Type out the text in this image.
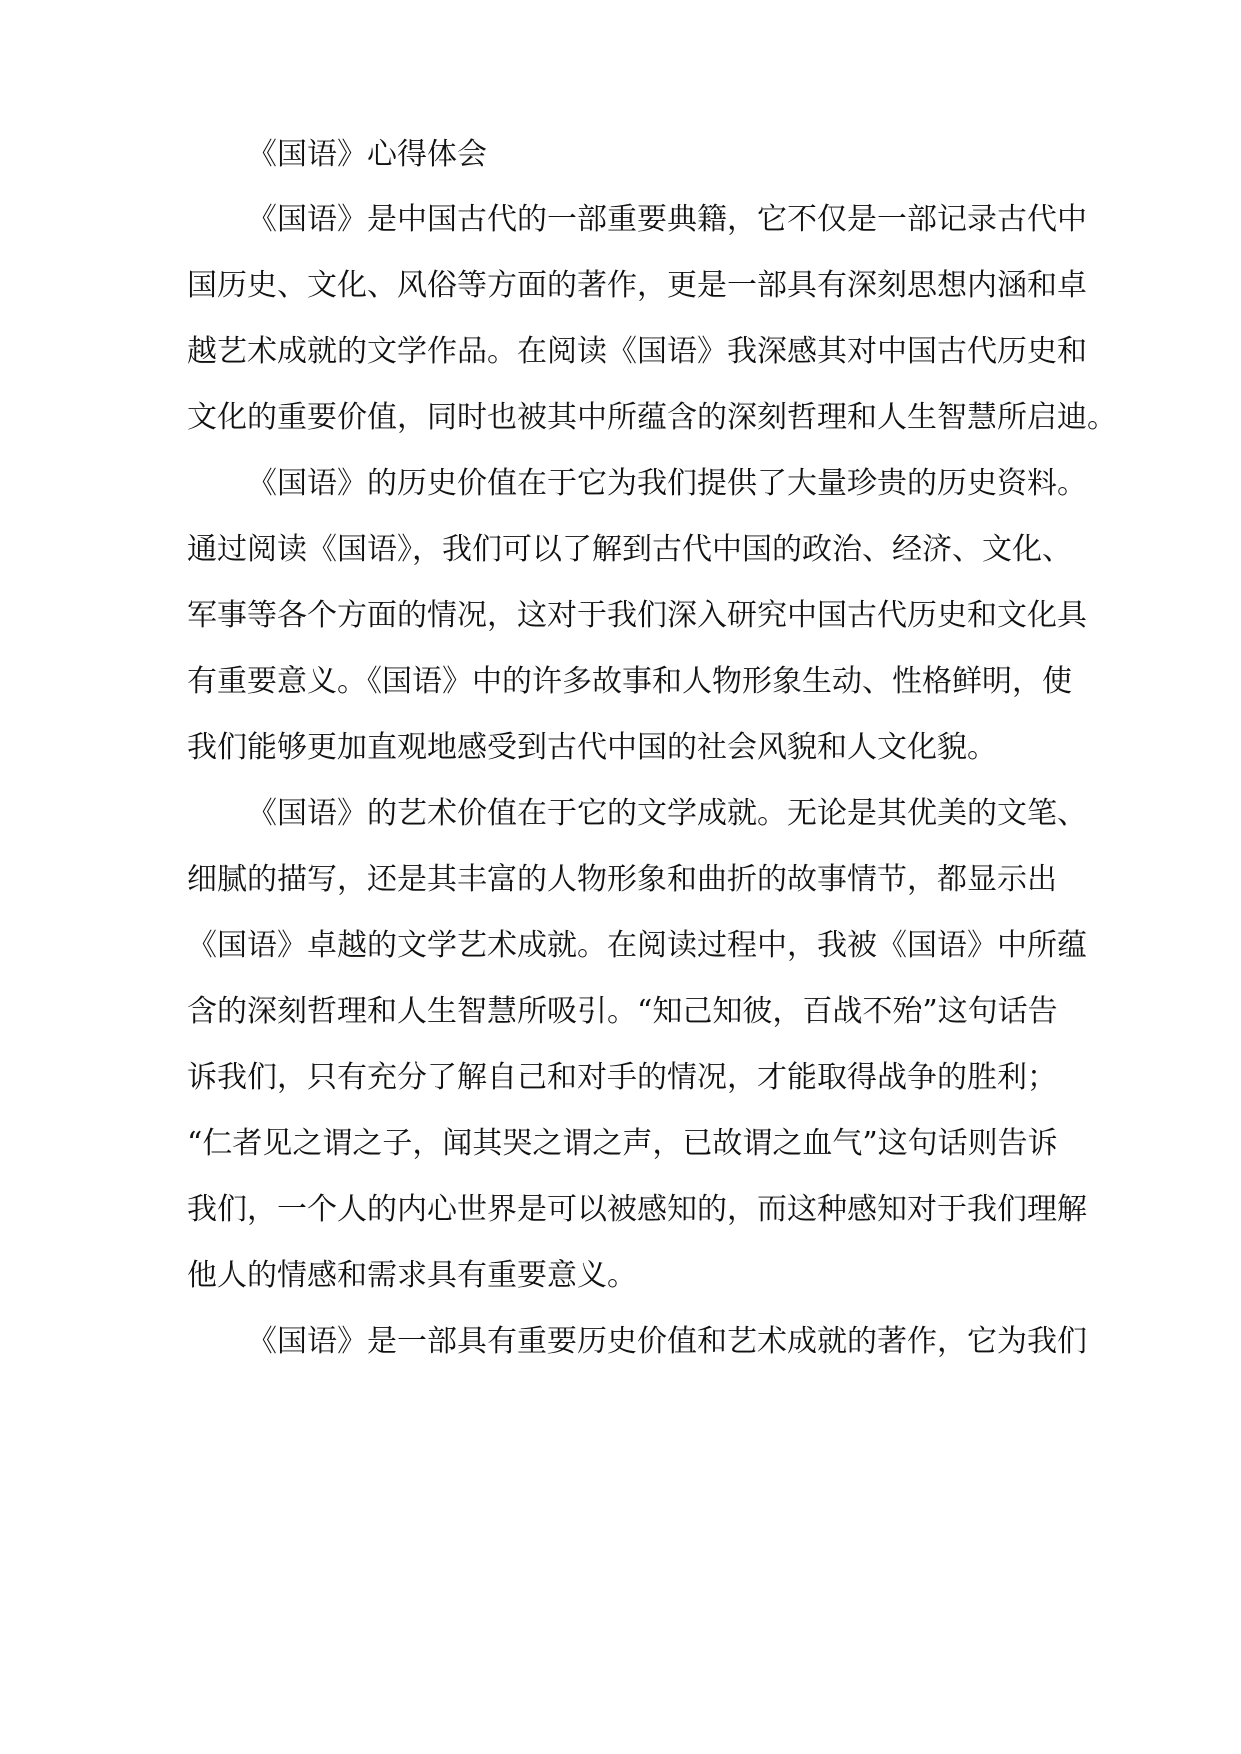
《国语》心得体会
《国语》是中国古代的一部重要典籍，它不仅是一部记录古代中
国历史、文化、风俗等方面的著作，更是一部具有深刻思想内涵和卓
越艺术成就的文学作品。在阅读《国语》我深感其对中国古代历史和
文化的重要价值，同时也被其中所蕴含的深刻哲理和人生智慧所启迪。
《国语》的历史价值在于它为我们提供了大量珍贵的历史资料。
通过阅读《国语》，我们可以了解到古代中国的政治、经济、文化、
军事等各个方面的情况，这对于我们深入研究中国古代历史和文化具
有重要意义。《国语》中的许多故事和人物形象生动、性格鲜明，使
我们能够更加直观地感受到古代中国的社会风貌和人文化貌。
《国语》的艺术价值在于它的文学成就。无论是其优美的文笔、
细腻的描写，还是其丰富的人物形象和曲折的故事情节，都显示出
《国语》卓越的文学艺术成就。在阅读过程中，我被《国语》中所蕴
含的深刻哲理和人生智慧所吸引。“知己知彼，百战不殆”这句话告
诉我们，只有充分了解自己和对手的情况，才能取得战争的胜利；
“仁者见之谓之子，闻其哭之谓之声，已故谓之血气”这句话则告诉
我们，一个人的内心世界是可以被感知的，而这种感知对于我们理解
他人的情感和需求具有重要意义。
《国语》是一部具有重要历史价值和艺术成就的著作，它为我们
